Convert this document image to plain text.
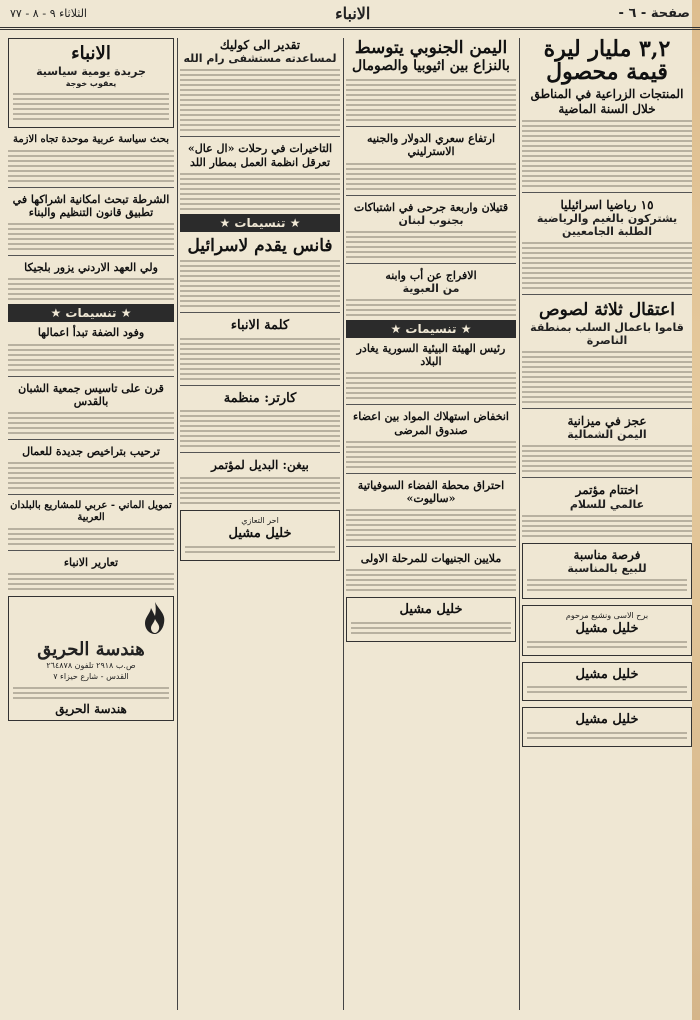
صفحة - ٦ -
الانباء
الثلاثاء ٩ - ٨ - ٧٧
٣,٢ مليار ليرة قيمة محصول
المنتجات الزراعية في المناطق خلال السنة الماضية
١٥ رياضيا اسرائيليا
يشتركون بالغيم والرياضية الطلبة الجامعيين
اعتقال ثلاثة لصوص
قاموا باعمال السلب بمنطقة الناصرة
عجز في ميزانية
اليمن الشمالية
اختتام مؤتمر
عالمي للسلام
فرصة مناسبة
للبيع بالمناسبة
برح الاسى ونشيع مرحوم
خليل مشيل
خليل مشيل
خليل مشيل
الیمن الجنوبي يتوسط
بالنزاع بين اثيوبيا والصومال
ارتفاع سعري الدولار والجنيه الاسترليني
قتيلان واربعة جرحى في اشتباكات
بجنوب لبنان
الافراج عن أب وابنه
من العبوية
★ تنسيمات ★
رئيس الهيئة البيئية السورية يغادر البلاد
انخفاض استهلاك المواد بين اعضاء صندوق المرضى
احتراق محطة الفضاء السوفياتية «ساليوت»
ملايين الجنيهات للمرحلة الاولى
خليل مشيل
تقدير الى كوليك
لمساعدته مستشفى رام الله
التاخيرات في رحلات «ال عال» تعرقل انظمة العمل بمطار اللد
★ تنسيمات ★
فانس يقدم لاسرائيل
كلمة الانباء
كارتر: منظمة
بيغن: البديل لمؤتمر
احر التعازي
خليل مشيل
الانباء
جريدة يومية سياسية
يعقوب خوجة
بحث سياسة عربية موحدة تجاه الازمة
الشرطة تبحث امكانية اشراكها في تطبيق قانون التنظيم والبناء
ولي العهد الاردني يزور بلجيكا
★ تنسيمات ★
وفود الضفة تبدأ اعمالها
قرن على تاسيس جمعية الشبان بالقدس
ترحيب بتراخيص جديدة للعمال
تمويل الماني - عربي للمشاريع بالبلدان العربية
تعارير الانباء
هندسة الحريق
ص.ب ٢٩١٨ تلفون ٢٦٤٨٧٨
القدس - شارع حيزاء ٧
هندسة الحريق
